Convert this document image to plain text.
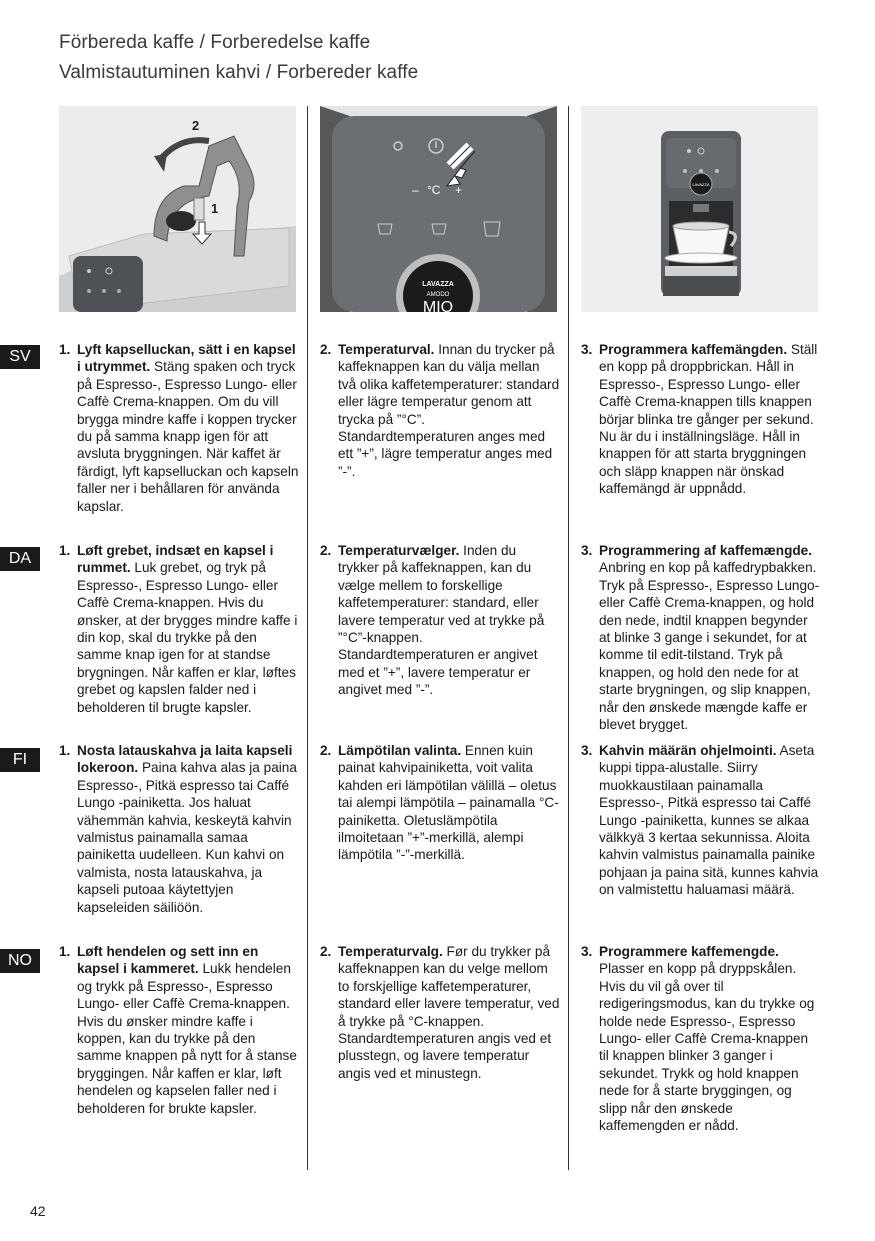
Förbereda kaffe / Forberedelse kaffe
Valmistautuminen kahvi / Forbereder kaffe
2
1
– °C +
LAVAZZA
AMODO
MIO
LAVAZZA
SV
DA
FI
NO
1. Lyft kapselluckan, sätt i en kapsel i utrymmet. Stäng spaken och tryck på Espresso-, Espresso Lungo- eller Caffè Crema-knappen. Om du vill brygga mindre kaffe i koppen trycker du på samma knapp igen för att avsluta bryggningen. När kaffet är färdigt, lyft kapselluckan och kapseln faller ner i behållaren för använda kapslar.
2. Temperaturval. Innan du trycker på kaffeknappen kan du välja mellan två olika kaffetemperaturer: standard eller lägre temperatur genom att trycka på ”°C”. Standardtemperaturen anges med ett ”+”, lägre temperatur anges med ”-”.
3. Programmera kaffemängden. Ställ en kopp på droppbrickan. Håll in Espresso-, Espresso Lungo- eller Caffè Crema-knappen tills knappen börjar blinka tre gånger per sekund. Nu är du i inställningsläge. Håll in knappen för att starta bryggningen och släpp knappen när önskad kaffemängd är uppnådd.
1. Løft grebet, indsæt en kapsel i rummet. Luk grebet, og tryk på Espresso-, Espresso Lungo- eller Caffè Crema-knappen. Hvis du ønsker, at der brygges mindre kaffe i din kop, skal du trykke på den samme knap igen for at standse brygningen. Når kaffen er klar, løftes grebet og kapslen falder ned i beholderen til brugte kapsler.
2. Temperaturvælger. Inden du trykker på kaffeknappen, kan du vælge mellem to forskellige kaffetemperaturer: standard, eller lavere temperatur ved at trykke på ”°C”-knappen. Standardtemperaturen er angivet med et ”+”, lavere temperatur er angivet med ”-”.
3. Programmering af kaffemængde. Anbring en kop på kaffedrypbakken. Tryk på Espresso-, Espresso Lungo- eller Caffè Crema-knappen, og hold den nede, indtil knappen begynder at blinke 3 gange i sekundet, for at komme til edit-tilstand. Tryk på knappen, og hold den nede for at starte brygningen, og slip knappen, når den ønskede mængde kaffe er blevet brygget.
1. Nosta latauskahva ja laita kapseli lokeroon. Paina kahva alas ja paina Espresso-, Pitkä espresso tai Caffé Lungo -painiketta. Jos haluat vähemmän kahvia, keskeytä kahvin valmistus painamalla samaa painiketta uudelleen. Kun kahvi on valmista, nosta latauskahva, ja kapseli putoaa käytettyjen kapseleiden säiliöön.
2. Lämpötilan valinta. Ennen kuin painat kahvipainiketta, voit valita kahden eri lämpötilan välillä – oletus tai alempi lämpötila – painamalla °C-painiketta. Oletuslämpötila ilmoitetaan ”+”-merkillä, alempi lämpötila ”-”-merkillä.
3. Kahvin määrän ohjelmointi. Aseta kuppi tippa-alustalle. Siirry muokkaustilaan painamalla Espresso-, Pitkä espresso tai Caffé Lungo -painiketta, kunnes se alkaa välkkyä 3 kertaa sekunnissa. Aloita kahvin valmistus painamalla painike pohjaan ja paina sitä, kunnes kahvia on valmistettu haluamasi määrä.
1. Løft hendelen og sett inn en kapsel i kammeret. Lukk hendelen og trykk på Espresso-, Espresso Lungo- eller Caffè Crema-knappen. Hvis du ønsker mindre kaffe i koppen, kan du trykke på den samme knappen på nytt for å stanse bryggingen. Når kaffen er klar, løft hendelen og kapselen faller ned i beholderen for brukte kapsler.
2. Temperaturvalg. Før du trykker på kaffeknappen kan du velge mellom to forskjellige kaffetemperaturer, standard eller lavere temperatur, ved å trykke på °C-knappen. Standardtemperaturen angis ved et plusstegn, og lavere temperatur angis ved et minustegn.
3. Programmere kaffemengde. Plasser en kopp på dryppskålen. Hvis du vil gå over til redigeringsmodus, kan du trykke og holde nede Espresso-, Espresso Lungo- eller Caffè Crema-knappen til knappen blinker 3 ganger i sekundet. Trykk og hold knappen nede for å starte bryggingen, og slipp når den ønskede kaffemengden er nådd.
42
